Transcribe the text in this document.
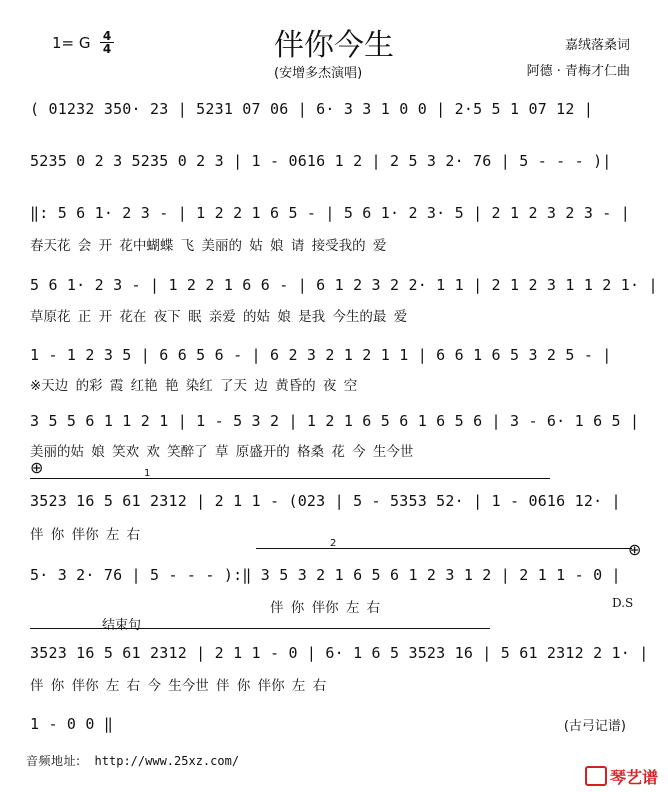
1= G 4
4	伴你今生
(安增多杰演唱)
嘉绒落桑词
阿德 · 青梅才仁曲
( 01232 350· 23 | 5231 07 06 | 6· 3 3 1 0 0 | 2·5 5 1 07 12 |
5235 0 2 3 5235 0 2 3 | 1 - 0616 1 2 | 2 5 3 2· 76 | 5 - - - )|
‖: 5 6 1· 2 3 - | 1 2 2 1 6 5 - | 5 6 1· 2 3· 5 | 2 1 2 3 2 3 - |
春天花 会 开 花中蝴蝶 飞 美丽的 姑 娘 请 接受我的 爱
5 6 1· 2 3 - | 1 2 2 1 6 6 - | 6 1 2 3 2 2· 1 1 | 2 1 2 3 1 1 2 1· |
草原花 正 开 花在 夜下 眠 亲爱 的姑 娘 是我 今生的最 爱
1 - 1 2 3 5 | 6 6 5 6 - | 6 2 3 2 1 2 1 1 | 6 6 1 6 5 3 2 5 - |
※天边 的彩 霞 红艳 艳 染红 了天 边 黄昏的 夜 空
3 5 5 6 1 1 2 1 | 1 - 5 3 2 | 1 2 1 6 5 6 1 6 5 6 | 3 - 6· 1 6 5 |
美丽的姑 娘 笑欢 欢 笑醉了 草 原盛开的 格桑 花 今 生今世
⊕	1
3523 16 5 61 2312 | 2 1 1 - (023 | 5 - 5353 52· | 1 - 0616 12· |
伴 你 伴你 左 右
2	⊕
5· 3 2· 76 | 5 - - - ):‖ 3 5 3 2 1 6 5 6 1 2 3 1 2 | 2 1 1 - 0 |
伴 你 伴你 左 右	D.S
结束句
3523 16 5 61 2312 | 2 1 1 - 0 | 6· 1 6 5 3523 16 | 5 61 2312 2 1· |
伴 你 伴你 左 右 今 生今世 伴 你 伴你 左 右
1 - 0 0 ‖	(古弓记谱)
音频地址: http://www.25xz.com/
琴艺谱
